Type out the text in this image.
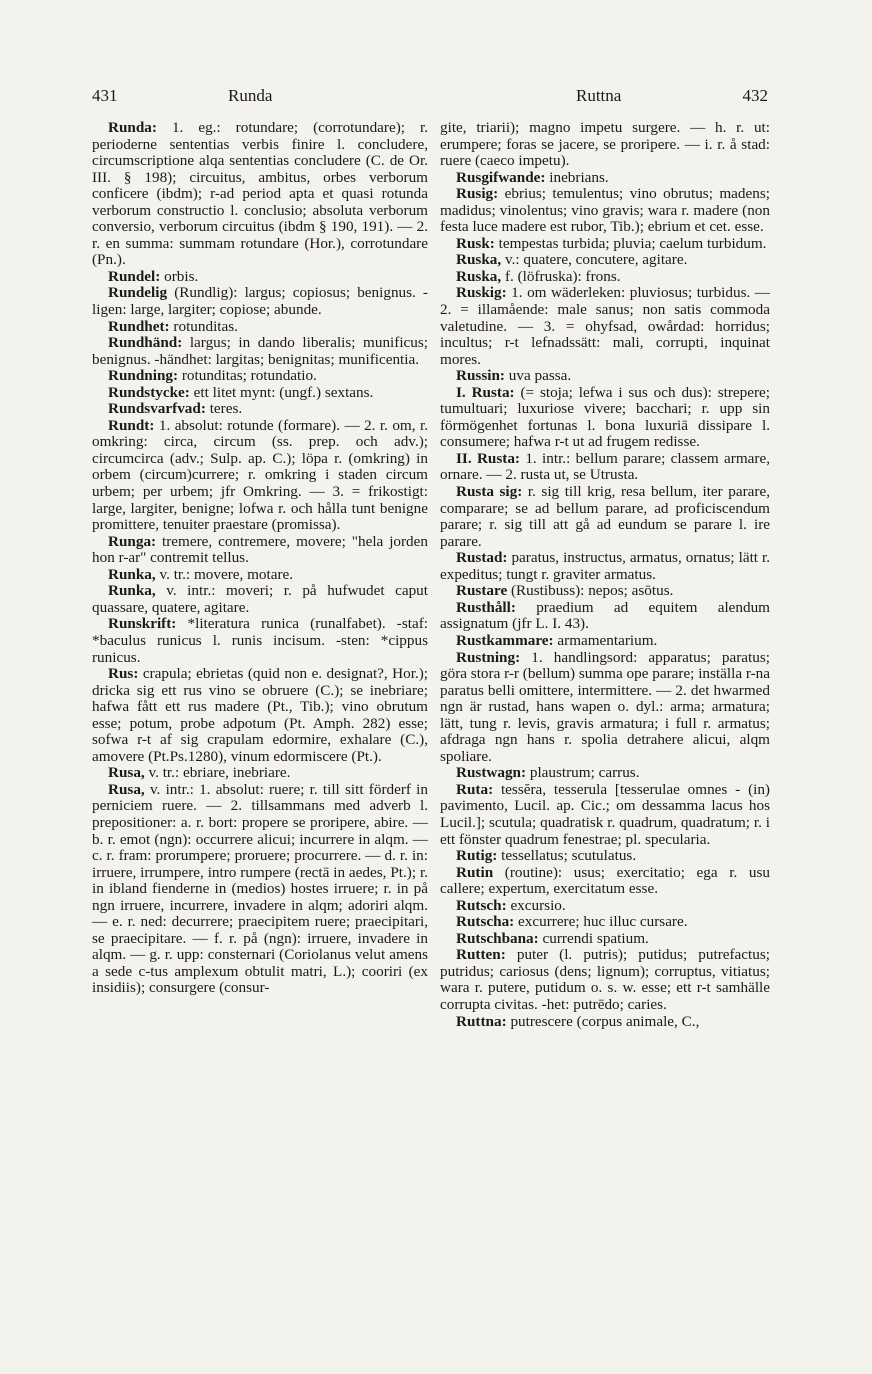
431	Runda	Ruttna	432

Runda: 1. eg.: rotundare; (corrotundare); r. perioderne sententias verbis finire l. concludere, circumscriptione alqa sententias concludere (C. de Or. III. § 198); circuitus, ambitus, orbes verborum conficere (ibdm); r-ad period apta et quasi rotunda verborum constructio l. conclusio; absoluta verborum conversio, verborum circuitus (ibdm § 190, 191). — 2. r. en summa: summam rotundare (Hor.), corrotundare (Pn.).

Rundel: orbis.

Rundelig (Rundlig): largus; copiosus; benignus. -ligen: large, largiter; copiose; abunde.

Rundhet: rotunditas.

Rundhänd: largus; in dando liberalis; munificus; benignus. -händhet: largitas; benignitas; munificentia.

Rundning: rotunditas; rotundatio.

Rundstycke: ett litet mynt: (ungf.) sextans.

Rundsvarfvad: teres.

Rundt: 1. absolut: rotunde (formare). — 2. r. om, r. omkring: circa, circum (ss. prep. och adv.); circumcirca (adv.; Sulp. ap. C.); löpa r. (omkring) in orbem (circum)currere; r. omkring i staden circum urbem; per urbem; jfr Omkring. — 3. = frikostigt: large, largiter, benigne; lofwa r. och hålla tunt benigne promittere, tenuiter praestare (promissa).

Runga: tremere, contremere, movere; "hela jorden hon r-ar" contremit tellus.

Runka, v. tr.: movere, motare.

Runka, v. intr.: moveri; r. på hufwudet caput quassare, quatere, agitare.

Runskrift: *literatura runica (runalfabet). -staf: *baculus runicus l. runis incisum. -sten: *cippus runicus.

Rus: crapula; ebrietas (quid non e. designat?, Hor.); dricka sig ett rus vino se obruere (C.); se inebriare; hafwa fått ett rus madere (Pt., Tib.); vino obrutum esse; potum, probe adpotum (Pt. Amph. 282) esse; sofwa r-t af sig crapulam edormire, exhalare (C.), amovere (Pt.Ps.1280), vinum edormiscere (Pt.).

Rusa, v. tr.: ebriare, inebriare.

Rusa, v. intr.: 1. absolut: ruere; r. till sitt förderf in perniciem ruere. — 2. tillsammans med adverb l. prepositioner: a. r. bort: propere se proripere, abire. — b. r. emot (ngn): occurrere alicui; incurrere in alqm. — c. r. fram: prorumpere; proruere; procurrere. — d. r. in: irruere, irrumpere, intro rumpere (rectā in aedes, Pt.); r. in ibland fienderne in (medios) hostes irruere; r. in på ngn irruere, incurrere, invadere in alqm; adoriri alqm. — e. r. ned: decurrere; praecipitem ruere; praecipitari, se praecipitare. — f. r. på (ngn): irruere, invadere in alqm. — g. r. upp: consternari (Coriolanus velut amens a sede c-tus amplexum obtulit matri, L.); cooriri (ex insidiis); consurgere (consur-

gite, triarii); magno impetu surgere. — h. r. ut: erumpere; foras se jacere, se proripere. — i. r. å stad: ruere (caeco impetu).

Rusgifwande: inebrians.

Rusig: ebrius; temulentus; vino obrutus; madens; madidus; vinolentus; vino gravis; wara r. madere (non festa luce madere est rubor, Tib.); ebrium et cet. esse.

Rusk: tempestas turbida; pluvia; caelum turbidum.

Ruska, v.: quatere, concutere, agitare.

Ruska, f. (löfruska): frons.

Ruskig: 1. om wäderleken: pluviosus; turbidus. — 2. = illamående: male sanus; non satis commoda valetudine. — 3. = ohyfsad, owårdad: horridus; incultus; r-t lefnadssätt: mali, corrupti, inquinat mores.

Russin: uva passa.

I. Rusta: (= stoja; lefwa i sus och dus): strepere; tumultuari; luxuriose vivere; bacchari; r. upp sin förmögenhet fortunas l. bona luxuriā dissipare l. consumere; hafwa r-t ut ad frugem redisse.

II. Rusta: 1. intr.: bellum parare; classem armare, ornare. — 2. rusta ut, se Utrusta.

Rusta sig: r. sig till krig, resa bellum, iter parare, comparare; se ad bellum parare, ad proficiscendum parare; r. sig till att gå ad eundum se parare l. ire parare.

Rustad: paratus, instructus, armatus, ornatus; lätt r. expeditus; tungt r. graviter armatus.

Rustare (Rustibuss): nepos; asōtus.

Rusthåll: praedium ad equitem alendum assignatum (jfr L. I. 43).

Rustkammare: armamentarium.

Rustning: 1. handlingsord: apparatus; paratus; göra stora r-r (bellum) summa ope parare; inställa r-na paratus belli omittere, intermittere. — 2. det hwarmed ngn är rustad, hans wapen o. dyl.: arma; armatura; lätt, tung r. levis, gravis armatura; i full r. armatus; afdraga ngn hans r. spolia detrahere alicui, alqm spoliare.

Rustwagn: plaustrum; carrus.

Ruta: tessĕra, tesserula [tesserulae omnes - (in) pavimento, Lucil. ap. Cic.; om dessamma lacus hos Lucil.]; scutula; quadratisk r. quadrum, quadratum; r. i ett fönster quadrum fenestrae; pl. specularia.

Rutig: tessellatus; scutulatus.

Rutin (routine): usus; exercitatio; ega r. usu callere; expertum, exercitatum esse.

Rutsch: excursio.

Rutscha: excurrere; huc illuc cursare.

Rutschbana: currendi spatium.

Rutten: puter (l. putris); putidus; putrefactus; putridus; cariosus (dens; lignum); corruptus, vitiatus; wara r. putere, putidum o. s. w. esse; ett r-t samhälle corrupta civitas. -het: putrēdo; caries.

Ruttna: putrescere (corpus animale, C.,
